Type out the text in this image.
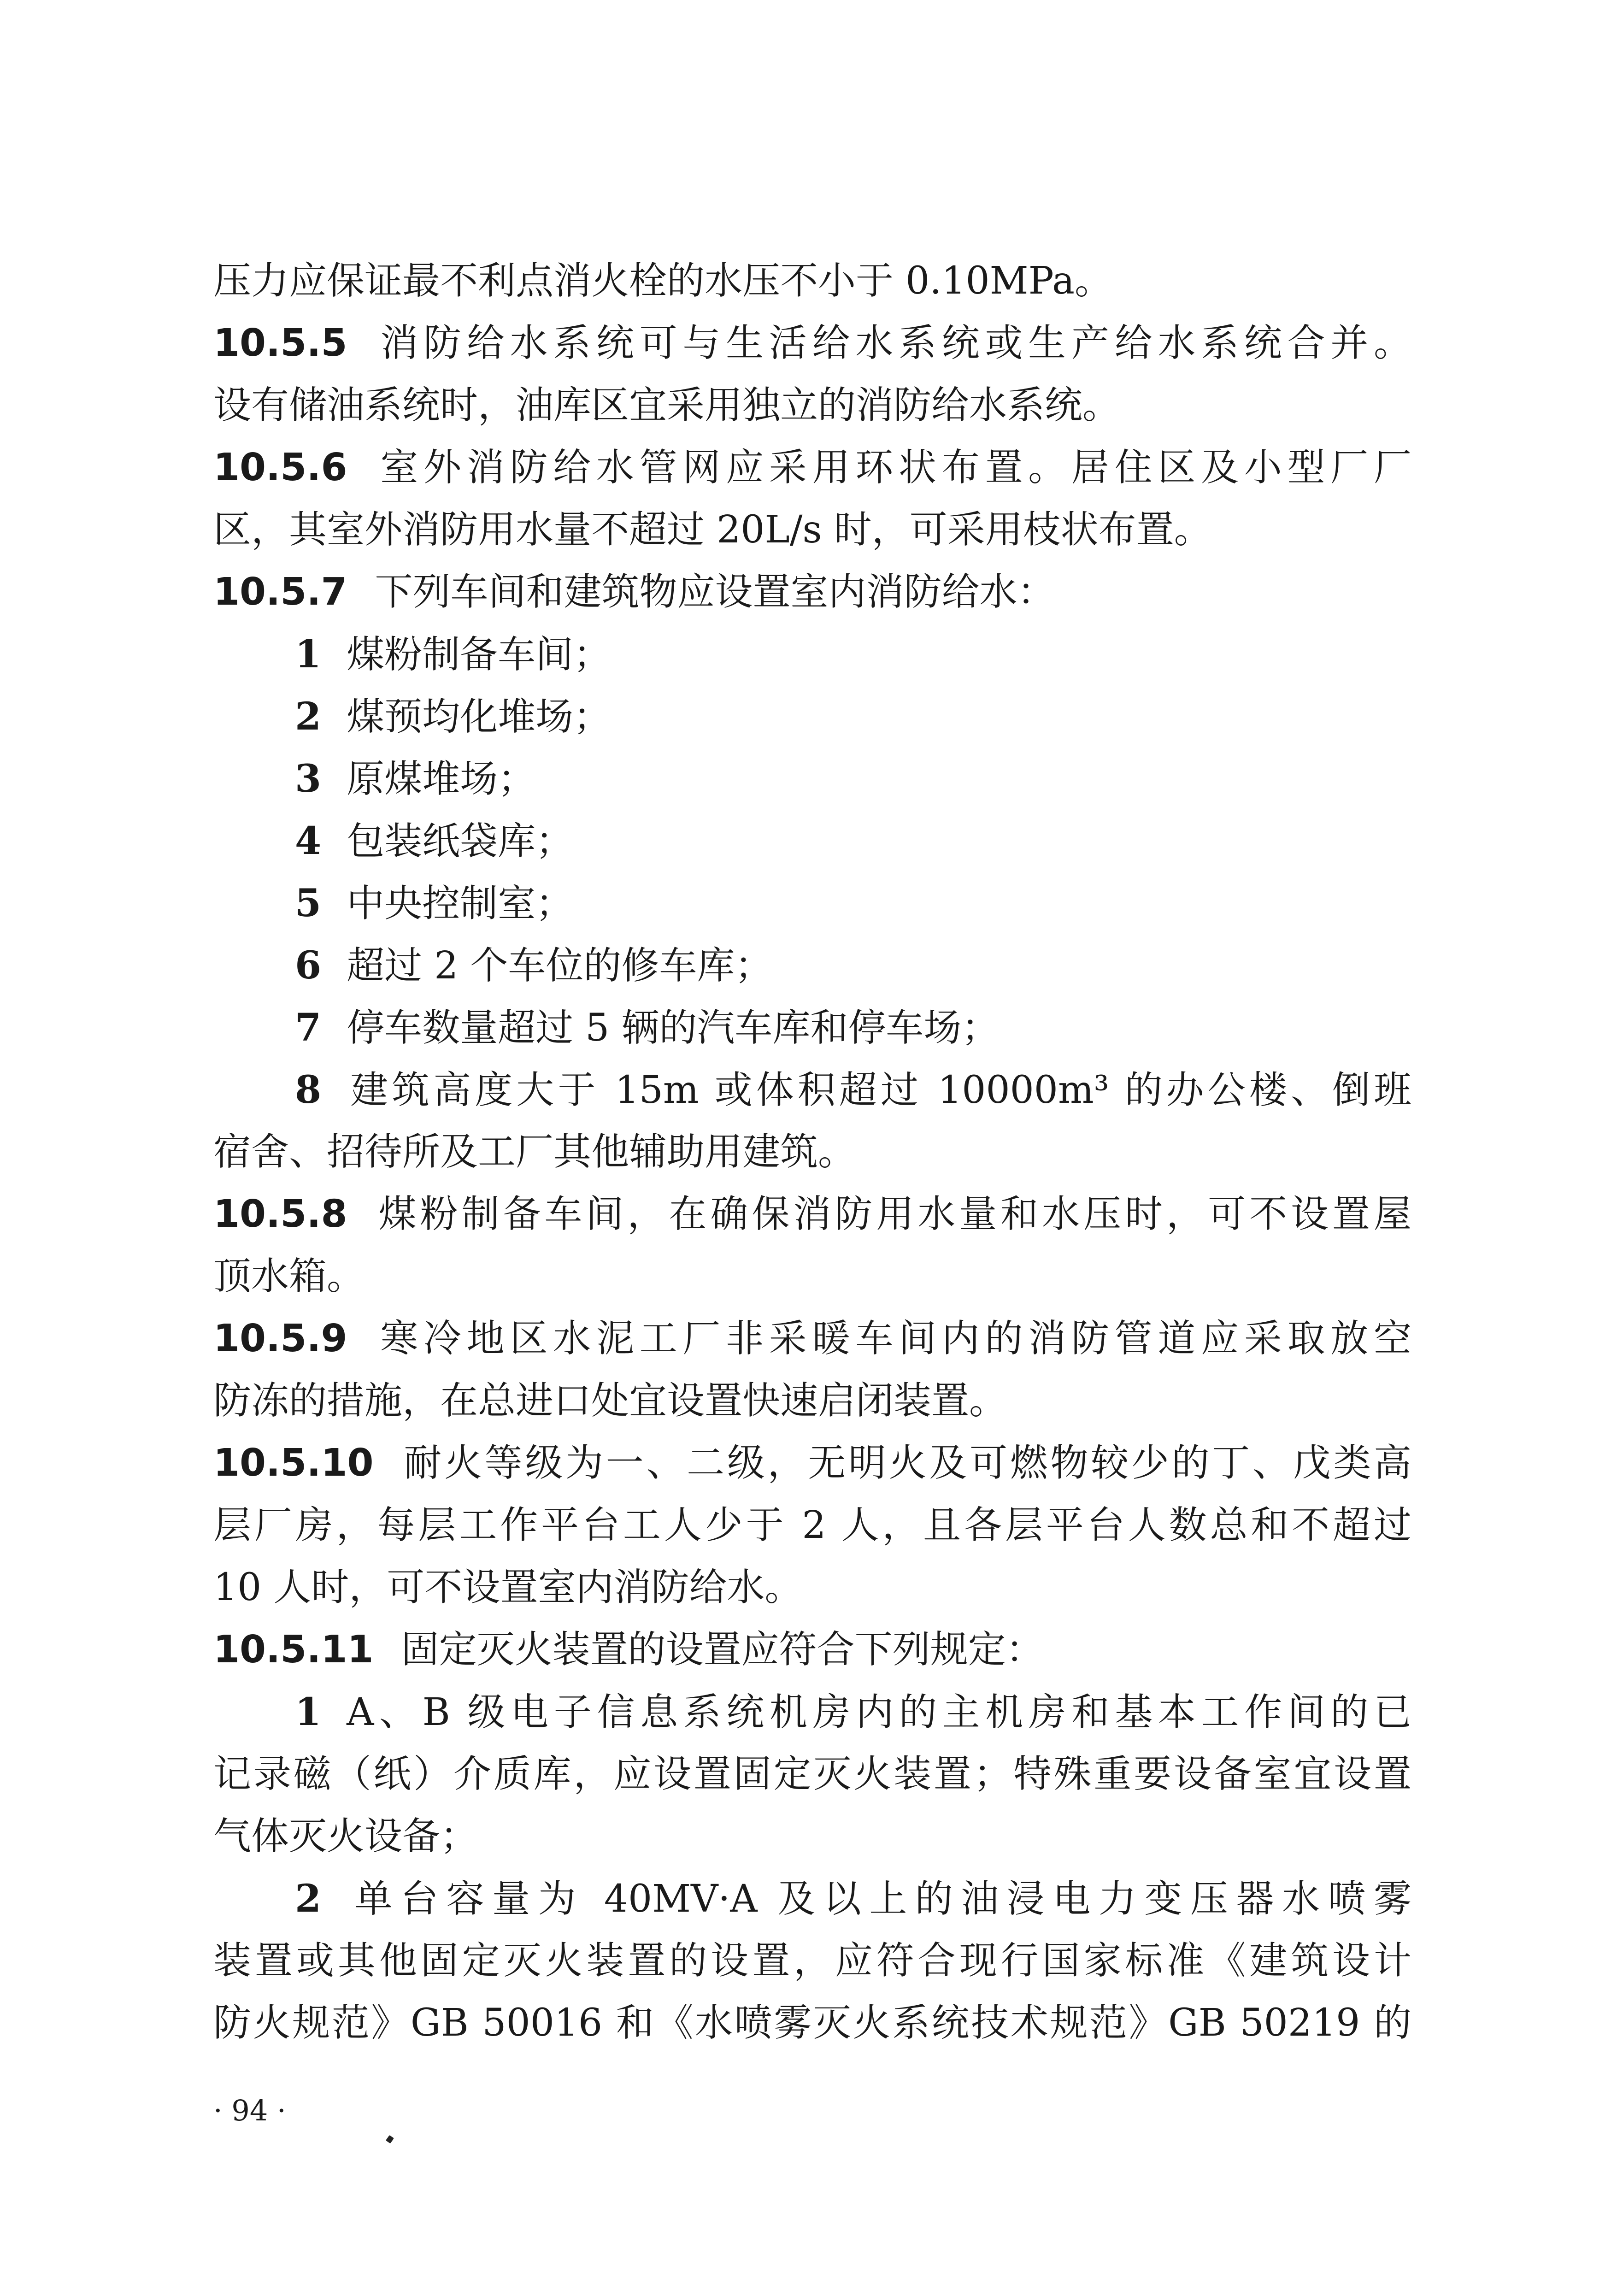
压力应保证最不利点消火栓的水压不小于 0.10MPa。
10.5.5 消防给水系统可与生活给水系统或生产给水系统合并。
设有储油系统时，油库区宜采用独立的消防给水系统。
10.5.6 室外消防给水管网应采用环状布置。居住区及小型厂厂
区，其室外消防用水量不超过 20L/s 时，可采用枝状布置。
10.5.7 下列车间和建筑物应设置室内消防给水：
1 煤粉制备车间；
2 煤预均化堆场；
3 原煤堆场；
4 包装纸袋库；
5 中央控制室；
6 超过 2 个车位的修车库；
7 停车数量超过 5 辆的汽车库和停车场；
8 建筑高度大于 15m 或体积超过 10000m³ 的办公楼、倒班
宿舍、招待所及工厂其他辅助用建筑。
10.5.8 煤粉制备车间，在确保消防用水量和水压时，可不设置屋
顶水箱。
10.5.9 寒冷地区水泥工厂非采暖车间内的消防管道应采取放空
防冻的措施，在总进口处宜设置快速启闭装置。
10.5.10 耐火等级为一、二级，无明火及可燃物较少的丁、戊类高
层厂房，每层工作平台工人少于 2 人，且各层平台人数总和不超过
10 人时，可不设置室内消防给水。
10.5.11 固定灭火装置的设置应符合下列规定：
1 A、B 级电子信息系统机房内的主机房和基本工作间的已
记录磁（纸）介质库，应设置固定灭火装置；特殊重要设备室宜设置
气体灭火设备；
2 单台容量为 40MV·A 及以上的油浸电力变压器水喷雾
装置或其他固定灭火装置的设置，应符合现行国家标准《建筑设计
防火规范》GB 50016 和《水喷雾灭火系统技术规范》GB 50219 的
· 94 ·
